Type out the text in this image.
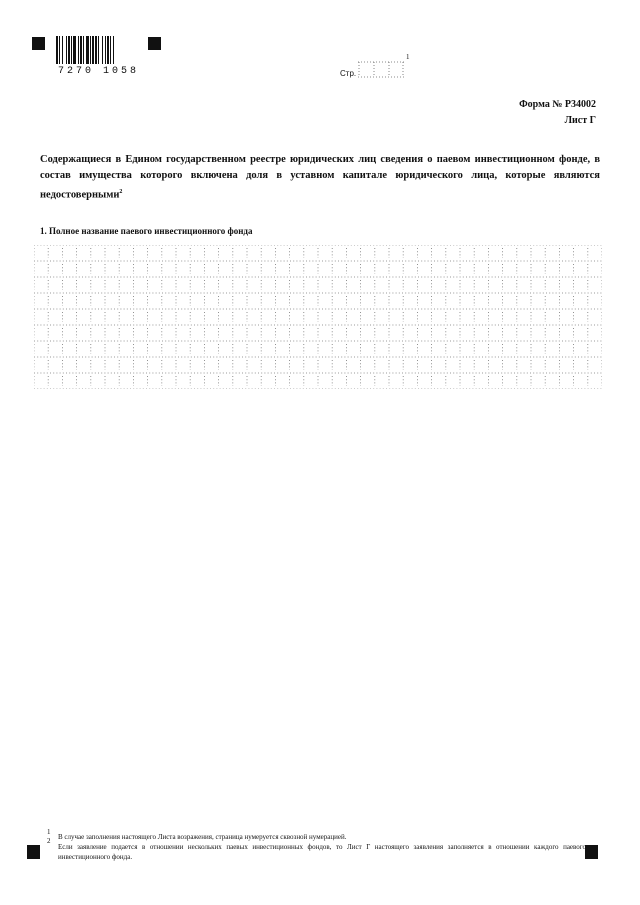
7270 1058	Стр.
1
Форма № Р34002
Лист Г
Содержащиеся в Едином государственном реестре юридических лиц сведения о паевом инвестиционном фонде, в состав имущества которого включена доля в уставном капитале юридического лица, которые являются недостоверными$^2$
1. Полное название паевого инвестиционного фонда
1
2 В случае заполнения настоящего Листа возражения, страница нумеруется сквозной нумерацией.
Если заявление подается в отношении нескольких паевых инвестиционных фондов, то Лист Г настоящего заявления заполняется в отношении каждого паевого инвестиционного фонда.
